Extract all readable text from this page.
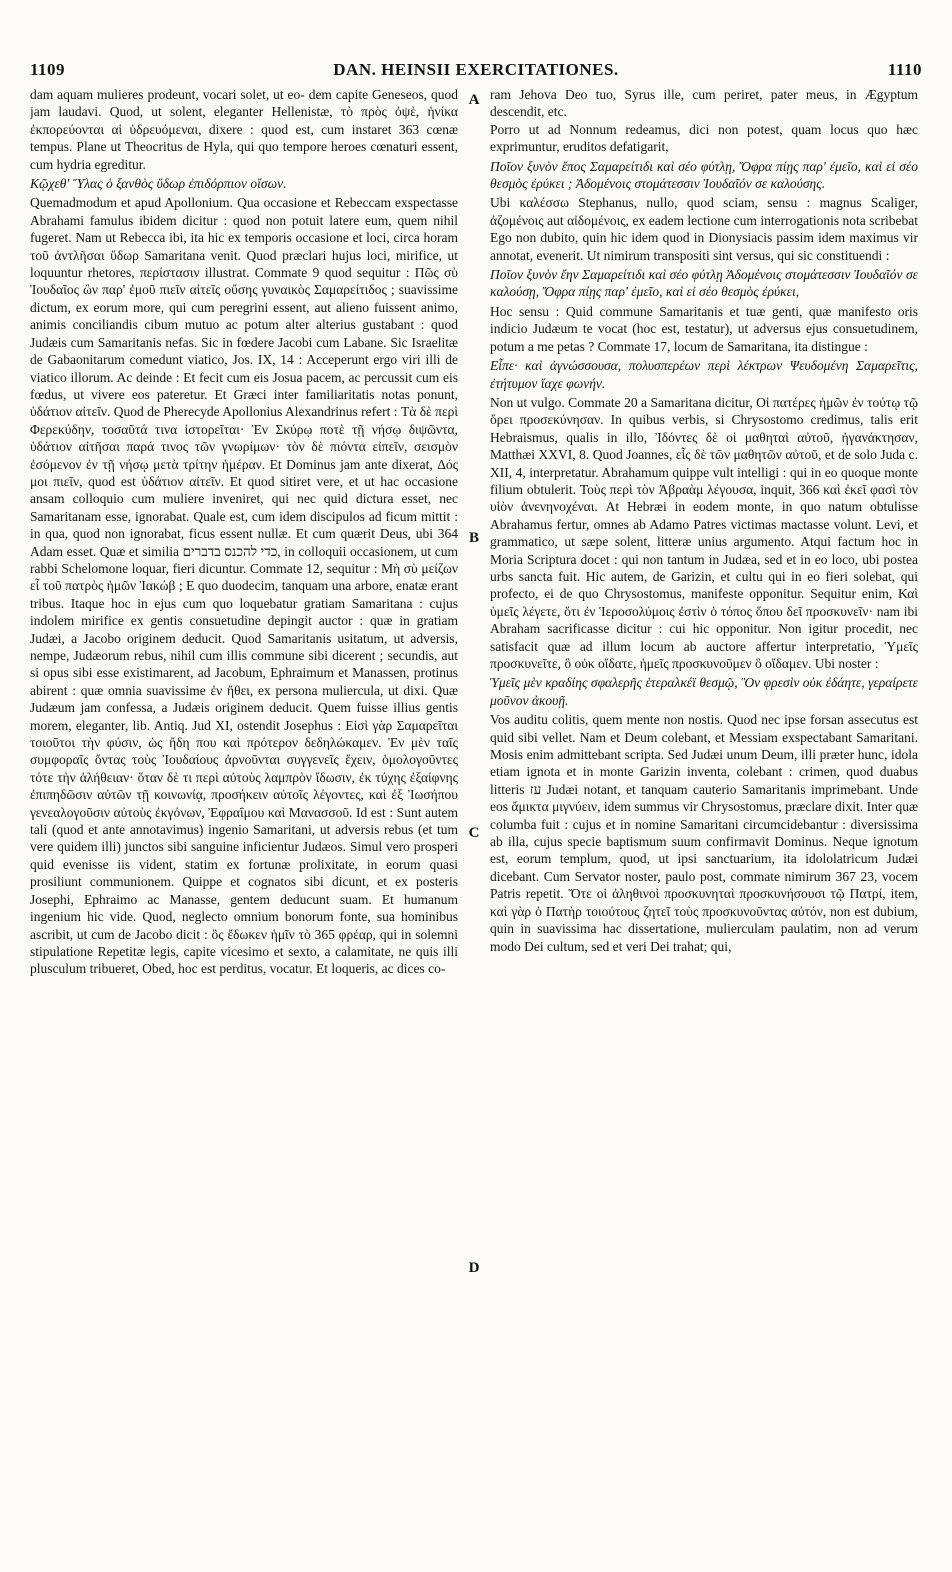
1109	DAN. HEINSII EXERCITATIONES.	1110

dam aquam mulieres prodeunt, vocari solet, ut eo- dem capite Geneseos, quod jam laudavi. Quod, ut solent, eleganter Hellenistæ, τὸ πρὸς ὀψὲ, ἡνίκα ἐκπορεύονται αἱ ὑδρευόμεναι, dixere : quod est, cum instaret 363 cœnæ tempus. Plane ut Theocritus de Hyla, qui quo tempore heroes cœnaturi essent, cum hydria egreditur.

Κῷχεθ' Ὕλας ὁ ξανθὸς ὕδωρ ἐπιδόρπιον οἴσων.

Quemadmodum et apud Apollonium. Qua occasione et Rebeccam exspectasse Abrahami famulus ibidem dicitur : quod non potuit latere eum, quem nihil fugeret. Nam ut Rebecca ibi, ita hic ex temporis occasione et loci, circa horam τοῦ ἀντλῆσαι ὕδωρ Samaritana venit. Quod præclari hujus loci, mirifice, ut loquuntur rhetores, περίστασιν illustrat. Commate 9 quod sequitur : Πῶς σὺ Ἰουδαῖος ὢν παρ' ἐμοῦ πιεῖν αἰτεῖς οὔσης γυναικὸς Σαμαρείτιδος ; suavissime dictum, ex eorum more, qui cum peregrini essent, aut alieno fuissent animo, animis conciliandis cibum mutuo ac potum alter alterius gustabant : quod Judæis cum Samaritanis nefas. Sic in fœdere Jacobi cum Labane. Sic Israelitæ de Gabaonitarum comedunt viatico, Jos. IX, 14 : Acceperunt ergo viri illi de viatico illorum. Ac deinde : Et fecit cum eis Josua pacem, ac percussit cum eis fœdus, ut vivere eos pateretur. Et Græci inter familiaritatis notas ponunt, ὑδάτιον αἰτεῖν. Quod de Pherecyde Apollonius Alexandrinus refert : Τὰ δὲ περὶ Φερεκύδην, τοσαῦτά τινα ἱστορεῖται· Ἐν Σκύρῳ ποτὲ τῇ νήσῳ διψῶντα, ὑδάτιον αἰτῆσαι παρά τινος τῶν γνωρίμων· τὸν δὲ πιόντα εἰπεῖν, σεισμὸν ἐσόμενον ἐν τῇ νήσῳ μετὰ τρίτην ἡμέραν. Et Dominus jam ante dixerat, Δός μοι πιεῖν, quod est ὑδάτιον αἰτεῖν. Et quod sitiret vere, et ut hac occasione ansam colloquio cum muliere inveniret, qui nec quid dictura esset, nec Samaritanam esse, ignorabat. Quale est, cum idem discipulos ad ficum mittit : in qua, quod non ignorabat, ficus essent nullæ. Et cum quærit Deus, ubi 364 Adam esset. Quæ et similia כדי להכנס בדברים, in colloquii occasionem, ut cum rabbi Schelomone loquar, fieri dicuntur. Commate 12, sequitur : Μὴ σὺ μείζων εἶ τοῦ πατρὸς ἡμῶν Ἰακώβ ; E quo duodecim, tanquam una arbore, enatæ erant tribus. Itaque hoc in ejus cum quo loquebatur gratiam Samaritana : cujus indolem mirifice ex gentis consuetudine depingit auctor : quæ in gratiam Judæi, a Jacobo originem deducit. Quod Samaritanis usitatum, ut adversis, nempe, Judæorum rebus, nihil cum illis commune sibi dicerent ; secundis, aut si opus sibi esse existimarent, ad Jacobum, Ephraimum et Manassen, protinus abirent : quæ omnia suavissime ἐν ἤθει, ex persona muliercula, ut dixi. Quæ Judæum jam confessa, a Judæis originem deducit. Quem fuisse illius gentis morem, eleganter, lib. Antiq. Jud XI, ostendit Josephus : Εἰσὶ γὰρ Σαμαρεῖται τοιοῦτοι τὴν φύσιν, ὡς ἤδη που καὶ πρότερον δεδηλώκαμεν. Ἐν μὲν ταῖς συμφοραῖς ὄντας τοὺς Ἰουδαίους ἀρνοῦνται συγγενεῖς ἔχειν, ὁμολογοῦντες τότε τὴν ἀλήθειαν· ὅταν δὲ τι περὶ αὐτοὺς λαμπρὸν ἴδωσιν, ἐκ τύχης ἐξαίφνης ἐπιπηδῶσιν αὐτῶν τῇ κοινωνίᾳ, προσήκειν αὐτοῖς λέγοντες, καὶ ἐξ Ἰωσήπου γενεαλογοῦσιν αὐτοὺς ἐκγόνων, Ἐφραΐμου καὶ Μανασσοῦ. Id est : Sunt autem tali (quod et ante annotavimus) ingenio Samaritani, ut adversis rebus (et tum vere quidem illi) junctos sibi sanguine inficientur Judæos. Simul vero prosperi quid evenisse iis vident, statim ex fortunæ prolixitate, in eorum quasi prosiliunt communionem. Quippe et cognatos sibi dicunt, et ex posteris Josephi, Ephraimo ac Manasse, gentem deducunt suam. Et humanum ingenium hic vide. Quod, neglecto omnium bonorum fonte, sua hominibus ascribit, ut cum de Jacobo dicit : ὃς ἔδωκεν ἡμῖν τὸ 365 φρέαρ, qui in solemni stipulatione Repetitæ legis, capite vicesimo et sexto, a calamitate, ne quis illi plusculum tribueret, Obed, hoc est perditus, vocatur. Et loqueris, ac dices co-

A
B
C
D

ram Jehova Deo tuo, Syrus ille, cum periret, pater meus, in Ægyptum descendit, etc.

Porro ut ad Nonnum redeamus, dici non potest, quam locus quo hæc exprimuntur, eruditos defatigarit,

Ποῖον ξυνὸν ἔπος Σαμαρείτιδι καὶ σέο φύτλῃ, Ὄφρα πίῃς παρ' ἐμεῖο, καὶ εἰ σέο θεσμὸς ἐρύκει ; Ἀδομένοις στομάτεσσιν Ἰουδαῖόν σε καλούσης.

Ubi καλέσσω Stephanus, nullo, quod sciam, sensu : magnus Scaliger, ἀζομένοις aut αἰδομένοις, ex eadem lectione cum interrogationis nota scribebat Ego non dubito, quin hic idem quod in Dionysiacis passim idem maximus vir annotat, evenerit. Ut nimirum transpositi sint versus, qui sic constituendi :

Ποῖον ξυνὸν ἔην Σαμαρείτιδι καὶ σέο φύτλῃ Ἀδομένοις στομάτεσσιν Ἰουδαῖόν σε καλούσῃ, Ὄφρα πίῃς παρ' ἐμεῖο, καὶ εἰ σέο θεσμὸς ἐρύκει,

Hoc sensu : Quid commune Samaritanis et tuæ genti, quæ manifesto oris indicio Judæum te vocat (hoc est, testatur), ut adversus ejus consuetudinem, potum a me petas ? Commate 17, locum de Samaritana, ita distingue :

Εἶπε· καὶ ἀγνώσσουσα, πολυσπερέων περὶ λέκτρων Ψευδομένη Σαμαρεῖτις, ἐτήτυμον ἴαχε φωνήν.

Non ut vulgo. Commate 20 a Samaritana dicitur, Οἱ πατέρες ἡμῶν ἐν τούτῳ τῷ ὄρει προσεκύνησαν. In quibus verbis, si Chrysostomo credimus, talis erit Hebraismus, qualis in illo, Ἰδόντες δὲ οἱ μαθηταὶ αὐτοῦ, ἠγανάκτησαν, Matthæi XXVI, 8. Quod Joannes, εἷς δὲ τῶν μαθητῶν αὐτοῦ, et de solo Juda c. XII, 4, interpretatur. Abrahamum quippe vult intelligi : qui in eo quoque monte filium obtulerit. Τοὺς περὶ τὸν Ἀβραὰμ λέγουσα, inquit, 366 καὶ ἐκεῖ φασὶ τὸν υἱὸν ἀνενηνοχέναι. At Hebræi in eodem monte, in quo natum obtulisse Abrahamus fertur, omnes ab Adamo Patres victimas mactasse volunt. Levi, et grammatico, ut sæpe solent, litteræ unius argumento. Atqui factum hoc in Moria Scriptura docet : qui non tantum in Judæa, sed et in eo loco, ubi postea urbs sancta fuit. Hic autem, de Garizin, et cultu qui in eo fieri solebat, qui profecto, ei de quo Chrysostomus, manifeste opponitur. Sequitur enim, Καὶ ὑμεῖς λέγετε, ὅτι ἐν Ἱεροσολύμοις ἐστὶν ὁ τόπος ὅπου δεῖ προσκυνεῖν· nam ibi Abraham sacrificasse dicitur : cui hic opponitur. Non igitur procedit, nec satisfacit quæ ad illum locum ab auctore affertur interpretatio, Ὑμεῖς προσκυνεῖτε, ὃ οὐκ οἴδατε, ἡμεῖς προσκυνοῦμεν ὃ οἴδαμεν. Ubi noster :

Ὑμεῖς μὲν κραδίης σφαλερῆς ἑτεραλκέϊ θεσμῷ, Ὃν φρεσὶν οὐκ ἐδάητε, γεραίρετε μοῦνον ἀκουῇ.

Vos auditu colitis, quem mente non nostis. Quod nec ipse forsan assecutus est quid sibi vellet. Nam et Deum colebant, et Messiam exspectabant Samaritani. Mosis enim admittebant scripta. Sed Judæi unum Deum, illi præter hunc, idola etiam ignota et in monte Garizin inventa, colebant : crimen, quod duabus litteris עז Judæi notant, et tanquam cauterio Samaritanis imprimebant. Unde eos ἄμικτα μιγνύειν, idem summus vir Chrysostomus, præclare dixit. Inter quæ columba fuit : cujus et in nomine Samaritani circumcidebantur : diversissima ab illa, cujus specie baptismum suum confirmavit Dominus. Neque ignotum est, eorum templum, quod, ut ipsi sanctuarium, ita idololatricum Judæi dicebant. Cum Servator noster, paulo post, commate nimirum 367 23, vocem Patris repetit. Ὅτε οἱ ἀληθινοὶ προσκυνηταὶ προσκυνήσουσι τῷ Πατρί, item, καὶ γὰρ ὁ Πατὴρ τοιούτους ζητεῖ τοὺς προσκυνοῦντας αὐτόν, non est dubium, quin in suavissima hac dissertatione, mulierculam paulatim, non ad verum modo Dei cultum, sed et veri Dei trahat; qui,
